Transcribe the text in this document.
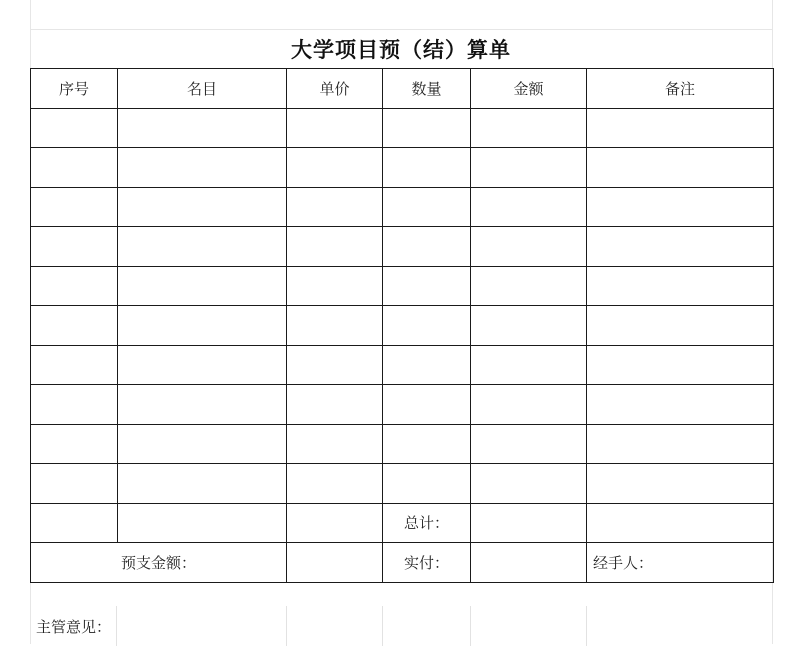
大学项目预（结）算单
序号	名目	单价	数量	金额	备注

			总计：		
预支金额：			实付：		经手人：
主管意见：
